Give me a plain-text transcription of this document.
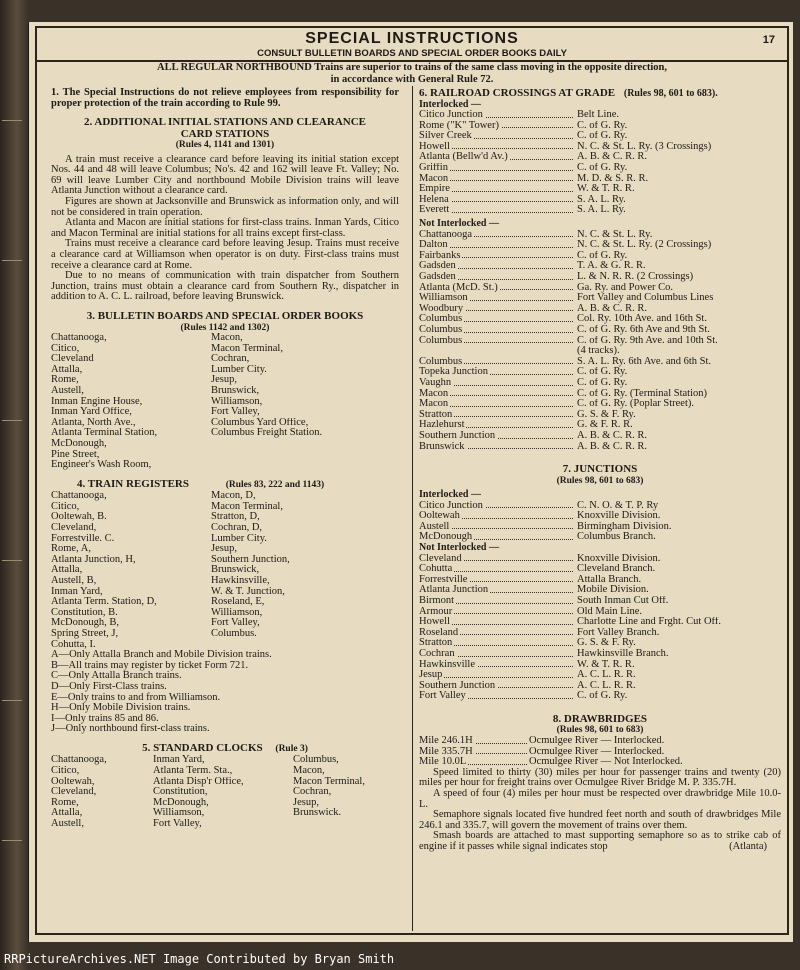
SPECIAL INSTRUCTIONS
CONSULT BULLETIN BOARDS AND SPECIAL ORDER BOOKS DAILY
17
ALL REGULAR NORTHBOUND Trains are superior to trains of the same class moving in the opposite direction,
in accordance with General Rule 72.

1. The Special Instructions do not relieve employees from responsibility for proper protection of the train according to Rule 99.

2. ADDITIONAL INITIAL STATIONS AND CLEARANCE
CARD STATIONS
(Rules 4, 1141 and 1301)

A train must receive a clearance card before leaving its initial station except Nos. 44 and 48 will leave Columbus; No's. 42 and 162 will leave Ft. Valley; No. 69 will leave Lumber City and northbound Mobile Division trains will leave Atlanta Junction without a clearance card.

Figures are shown at Jacksonville and Brunswick as information only, and will not be considered in train operation.

Atlanta and Macon are initial stations for first-class trains. Inman Yards, Citico and Macon Terminal are initial stations for all trains except first-class.

Trains must receive a clearance card before leaving Jesup. Trains must receive a clearance card at Williamson when operator is on duty. First-class trains must receive a clearance card at Rome.

Due to no means of communication with train dispatcher from Southern Junction, trains must obtain a clearance card from Southern Ry., dispatcher in addition to A. C. L. railroad, before leaving Brunswick.

3. BULLETIN BOARDS AND SPECIAL ORDER BOOKS
(Rules 1142 and 1302)
Chattanooga,	Macon,
Citico,	Macon Terminal,
Cleveland	Cochran,
Attalla,	Lumber City.
Rome,	Jesup,
Austell,	Brunswick,
Inman Engine House,	Williamson,
Inman Yard Office,	Fort Valley,
Atlanta, North Ave.,	Columbus Yard Office,
Atlanta Terminal Station,	Columbus Freight Station.
McDonough,
Pine Street,
Engineer's Wash Room,
4. TRAIN REGISTERS	(Rules 83, 222 and 1143)
Chattanooga,	Macon, D,
Citico,	Macon Terminal,
Ooltewah, B.	Stratton, D,
Cleveland,	Cochran, D,
Forrestville. C.	Lumber City.
Rome, A,	Jesup,
Atlanta Junction, H,	Southern Junction,
Attalla,	Brunswick,
Austell, B,	Hawkinsville,
Inman Yard,	W. & T. Junction,
Atlanta Term. Station, D,	Roseland, E,
Constitution, B.	Williamson,
McDonough, B,	Fort Valley,
Spring Street, J,	Columbus.
Cohutta, I.
A—Only Attalla Branch and Mobile Division trains.
B—All trains may register by ticket Form 721.
C—Only Attalla Branch trains.
D—Only First-Class trains.
E—Only trains to and from Williamson.
H—Only Mobile Division trains.
I—Only trains 85 and 86.
J—Only northbound first-class trains.
5. STANDARD CLOCKS (Rule 3)
Chattanooga,	Inman Yard,	Columbus,
Citico,	Atlanta Term. Sta.,	Macon,
Ooltewah,	Atlanta Disp'r Office,	Macon Terminal,
Cleveland,	Constitution,	Cochran,
Rome,	McDonough,	Jesup,
Attalla,	Williamson,	Brunswick.
Austell,	Fort Valley,
6. RAILROAD CROSSINGS AT GRADE (Rules 98, 601 to 683).
Interlocked —
Citico Junction	Belt Line.
Rome ("K" Tower)	C. of G. Ry.
Silver Creek	C. of G. Ry.
Howell	N. C. & St. L. Ry. (3 Crossings)
Atlanta (Bellw'd Av.)	A. B. & C. R. R.
Griffin	C. of G. Ry.
Macon	M. D. & S. R. R.
Empire	W. & T. R. R.
Helena	S. A. L. Ry.
Everett	S. A. L. Ry.
Not Interlocked —
Chattanooga	N. C. & St. L. Ry.
Dalton	N. C. & St. L. Ry. (2 Crossings)
Fairbanks	C. of G. Ry.
Gadsden	T. A. & G. R. R.
Gadsden	L. & N. R. R. (2 Crossings)
Atlanta (McD. St.)	Ga. Ry. and Power Co.
Williamson	Fort Valley and Columbus Lines
Woodbury	A. B. & C. R. R.
Columbus	Col. Ry. 10th Ave. and 16th St.
Columbus	C. of G. Ry. 6th Ave and 9th St.
Columbus	C. of G. Ry. 9th Ave. and 10th St.
(4 tracks).
Columbus	S. A. L. Ry. 6th Ave. and 6th St.
Topeka Junction	C. of G. Ry.
Vaughn	C. of G. Ry.
Macon	C. of G. Ry. (Terminal Station)
Macon	C. of G. Ry. (Poplar Street).
Stratton	G. S. & F. Ry.
Hazlehurst	G. & F. R. R.
Southern Junction	A. B. & C. R. R.
Brunswick	A. B. & C. R. R.
7. JUNCTIONS
(Rules 98, 601 to 683)
Interlocked —
Citico Junction	C. N. O. & T. P. Ry
Ooltewah	Knoxville Division.
Austell	Birmingham Division.
McDonough	Columbus Branch.
Not Interlocked —
Cleveland	Knoxville Division.
Cohutta	Cleveland Branch.
Forrestville	Attalla Branch.
Atlanta Junction	Mobile Division.
Birmont	South Inman Cut Off.
Armour	Old Main Line.
Howell	Charlotte Line and Frght. Cut Off.
Roseland	Fort Valley Branch.
Stratton	G. S. & F. Ry.
Cochran	Hawkinsville Branch.
Hawkinsville	W. & T. R. R.
Jesup	A. C. L. R. R.
Southern Junction	A. C. L. R. R.
Fort Valley	C. of G. Ry.
8. DRAWBRIDGES
(Rules 98, 601 to 683)
Mile 246.1H	Ocmulgee River — Interlocked.
Mile 335.7H	Ocmulgee River — Interlocked.
Mile 10.0L	Ocmulgee River — Not Interlocked.

Speed limited to thirty (30) miles per hour for passenger trains and twenty (20) miles per hour for freight trains over Ocmulgee River Bridge M. P. 335.7H.

A speed of four (4) miles per hour must be respected over drawbridge Mile 10.0-L.

Semaphore signals located five hundred feet north and south of drawbridges Mile 246.1 and 335.7, will govern the movement of trains over them.

Smash boards are attached to mast supporting semaphore so as to strike cab of engine if it passes while signal indicates stop	(Atlanta)
RRPictureArchives.NET Image Contributed by Bryan Smith
